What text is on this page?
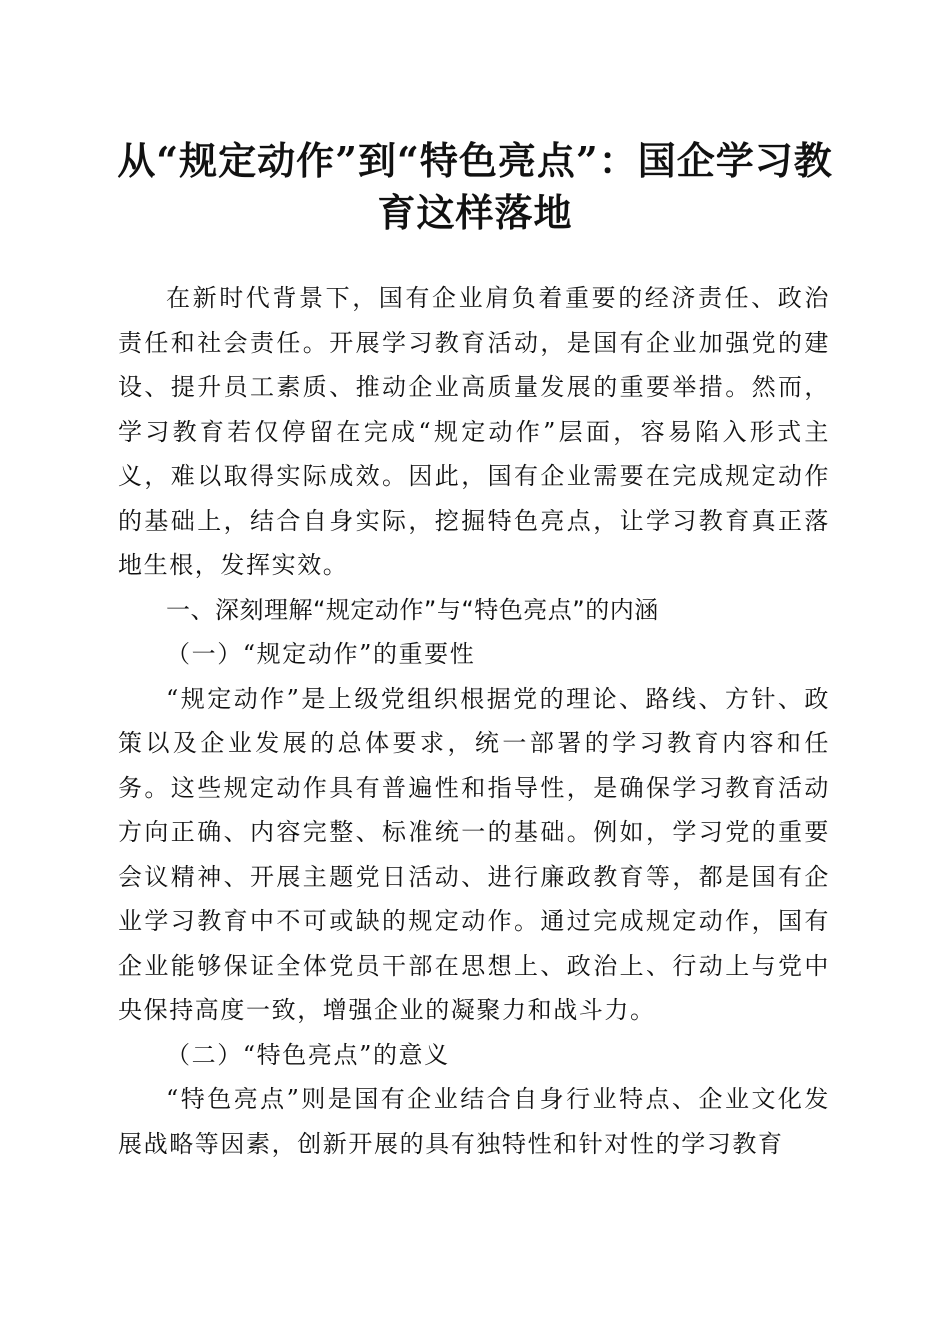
从“规定动作”到“特色亮点”：国企学习教
育这样落地

在新时代背景下，国有企业肩负着重要的经济责任、政治责任和社会责任。开展学习教育活动，是国有企业加强党的建设、提升员工素质、推动企业高质量发展的重要举措。然而，学习教育若仅停留在完成“规定动作”层面，容易陷入形式主义，难以取得实际成效。因此，国有企业需要在完成规定动作的基础上，结合自身实际，挖掘特色亮点，让学习教育真正落地生根，发挥实效。

一、深刻理解“规定动作”与“特色亮点”的内涵
（一）“规定动作”的重要性

“规定动作”是上级党组织根据党的理论、路线、方针、政策以及企业发展的总体要求，统一部署的学习教育内容和任务。这些规定动作具有普遍性和指导性，是确保学习教育活动方向正确、内容完整、标准统一的基础。例如，学习党的重要会议精神、开展主题党日活动、进行廉政教育等，都是国有企业学习教育中不可或缺的规定动作。通过完成规定动作，国有企业能够保证全体党员干部在思想上、政治上、行动上与党中央保持高度一致，增强企业的凝聚力和战斗力。

（二）“特色亮点”的意义

“特色亮点”则是国有企业结合自身行业特点、企业文化发展战略等因素，创新开展的具有独特性和针对性的学习教育
